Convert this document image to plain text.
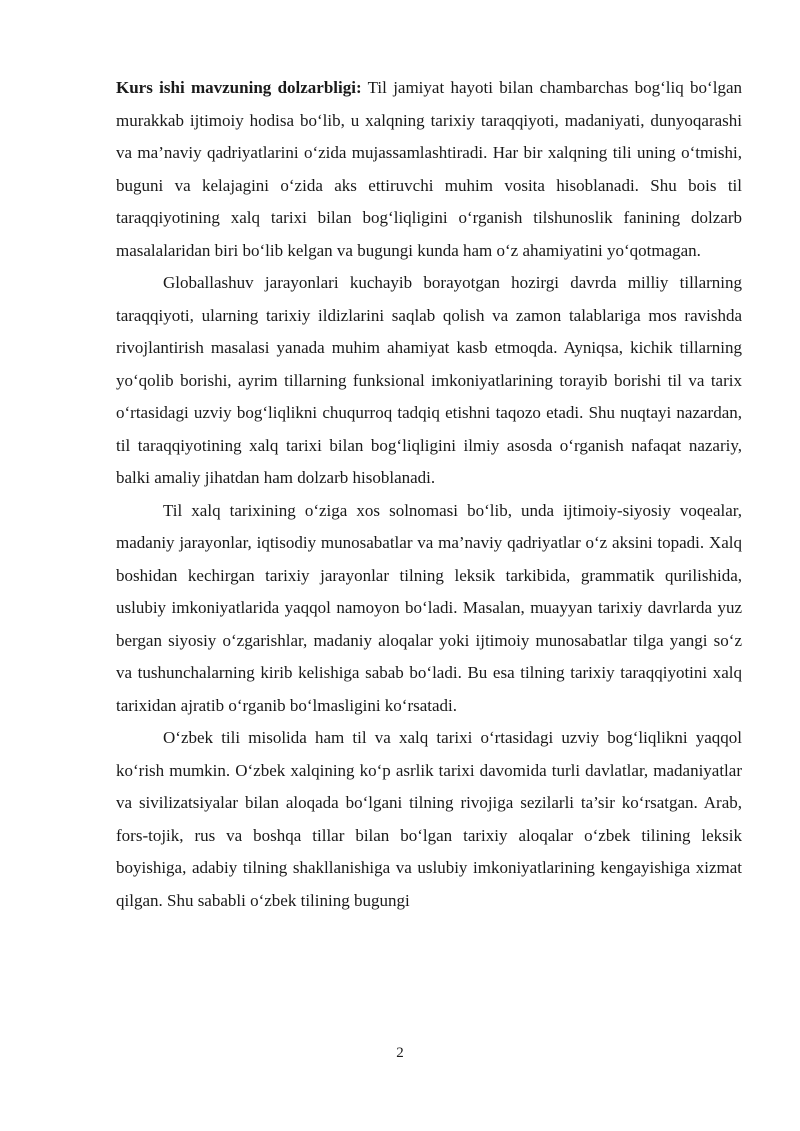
Kurs ishi mavzuning dolzarbligi: Til jamiyat hayoti bilan chambarchas bog‘liq bo‘lgan murakkab ijtimoiy hodisa bo‘lib, u xalqning tarixiy taraqqiyoti, madaniyati, dunyoqarashi va ma’naviy qadriyatlarini o‘zida mujassamlashtiradi. Har bir xalqning tili uning o‘tmishi, buguni va kelajagini o‘zida aks ettiruvchi muhim vosita hisoblanadi. Shu bois til taraqqiyotining xalq tarixi bilan bog‘liqligini o‘rganish tilshunoslik fanining dolzarb masalalaridan biri bo‘lib kelgan va bugungi kunda ham o‘z ahamiyatini yo‘qotmagan.

Globallashuv jarayonlari kuchayib borayotgan hozirgi davrda milliy tillarning taraqqiyoti, ularning tarixiy ildizlarini saqlab qolish va zamon talablariga mos ravishda rivojlantirish masalasi yanada muhim ahamiyat kasb etmoqda. Ayniqsa, kichik tillarning yo‘qolib borishi, ayrim tillarning funksional imkoniyatlarining torayib borishi til va tarix o‘rtasidagi uzviy bog‘liqlikni chuqurroq tadqiq etishni taqozo etadi. Shu nuqtayi nazardan, til taraqqiyotining xalq tarixi bilan bog‘liqligini ilmiy asosda o‘rganish nafaqat nazariy, balki amaliy jihatdan ham dolzarb hisoblanadi.

Til xalq tarixining o‘ziga xos solnomasi bo‘lib, unda ijtimoiy-siyosiy voqealar, madaniy jarayonlar, iqtisodiy munosabatlar va ma’naviy qadriyatlar o‘z aksini topadi. Xalq boshidan kechirgan tarixiy jarayonlar tilning leksik tarkibida, grammatik qurilishida, uslubiy imkoniyatlarida yaqqol namoyon bo‘ladi. Masalan, muayyan tarixiy davrlarda yuz bergan siyosiy o‘zgarishlar, madaniy aloqalar yoki ijtimoiy munosabatlar tilga yangi so‘z va tushunchalarning kirib kelishiga sabab bo‘ladi. Bu esa tilning tarixiy taraqqiyotini xalq tarixidan ajratib o‘rganib bo‘lmasligini ko‘rsatadi.

O‘zbek tili misolida ham til va xalq tarixi o‘rtasidagi uzviy bog‘liqlikni yaqqol ko‘rish mumkin. O‘zbek xalqining ko‘p asrlik tarixi davomida turli davlatlar, madaniyatlar va sivilizatsiyalar bilan aloqada bo‘lgani tilning rivojiga sezilarli ta’sir ko‘rsatgan. Arab, fors-tojik, rus va boshqa tillar bilan bo‘lgan tarixiy aloqalar o‘zbek tilining leksik boyishiga, adabiy tilning shakllanishiga va uslubiy imkoniyatlarining kengayishiga xizmat qilgan. Shu sababli o‘zbek tilining bugungi

2
